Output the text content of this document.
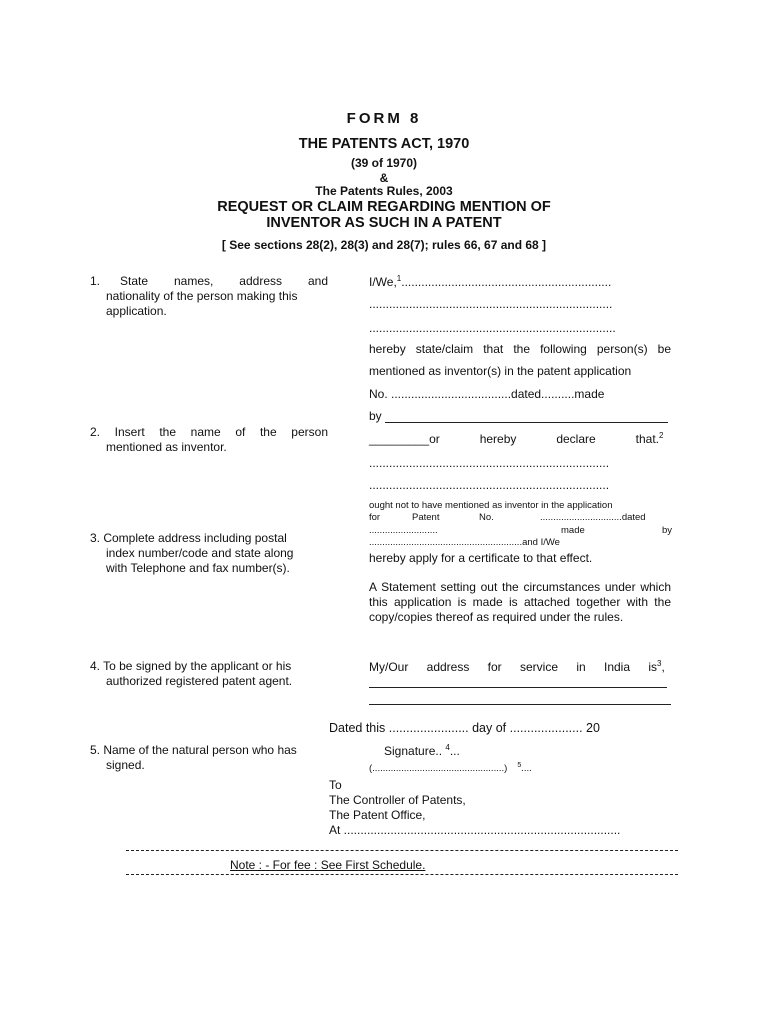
FORM 8
THE PATENTS ACT, 1970
(39 of 1970)
&
The Patents Rules, 2003
REQUEST OR CLAIM REGARDING MENTION OF
INVENTOR AS SUCH IN A PATENT
[ See sections 28(2), 28(3) and 28(7); rules 66, 67 and 68 ]
1. State names, address and
nationality of the person making this
application.
2. Insert the name of the person
mentioned as inventor.
3. Complete address including postal
index number/code and state along
with Telephone and fax number(s).
4. To be signed by the applicant or his
authorized registered patent agent.
5. Name of the natural person who has
signed.
I/We,$^1$...............................................................
.........................................................................
..........................................................................
hereby state/claim that the following person(s) be
mentioned as inventor(s) in the patent application
No. ....................................dated..........made
by
_________or hereby declare that.$^2$
........................................................................
........................................................................
ought not to have mentioned as inventor in the application
for	Patent	No.	...............................dated
..........................	made	by
..........................................................and I/We
hereby apply for a certificate to that effect.
A Statement setting out the circumstances under which this application is made is attached together with the copy/copies thereof as required under the rules.
My/Our address for service in India $is^3$,
Dated this ....................... day of ..................... 20
Signature.. $^4$...
(..................................................) $^5$....
To
The Controller of Patents,
The Patent Office,
At ...................................................................................
Note : - For fee : See First Schedule.
